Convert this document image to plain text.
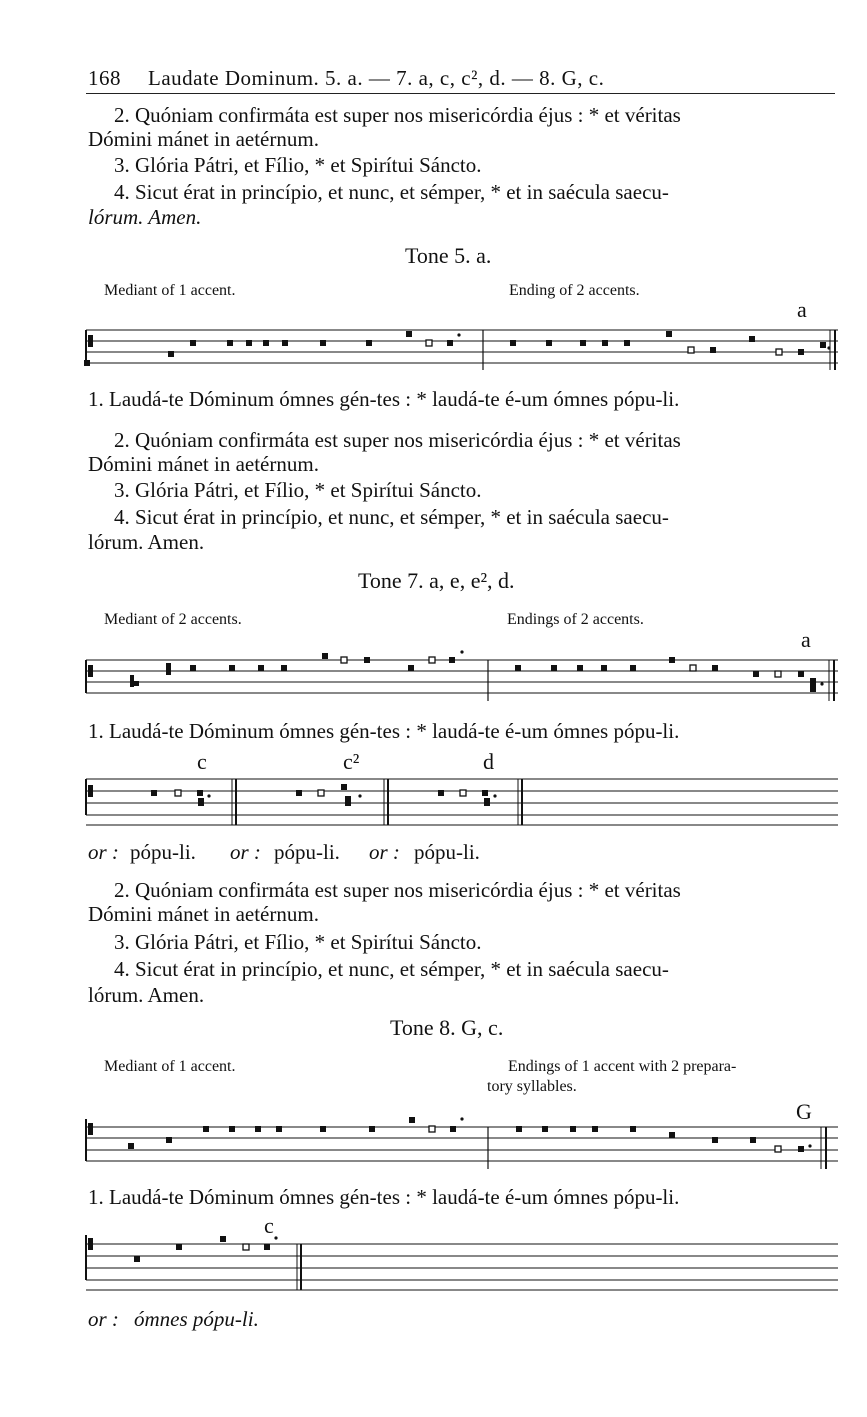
168 Laudate Dominum. 5. a. — 7. a, c, c², d. — 8. G, c.
2. Quóniam confirmáta est super nos misericórdia éjus : * et véritas
Dómini mánet in aetérnum.
3. Glória Pátri, et Fílio, * et Spirítui Sáncto.
4. Sicut érat in princípio, et nunc, et sémper, * et in saécula saecu-
lórum. Amen.
Tone 5. a.
Mediant of 1 accent.	Ending of 2 accents.
a
1. Laudá-te Dóminum ómnes gén-tes : * laudá-te é-um ómnes pópu-li.
2. Quóniam confirmáta est super nos misericórdia éjus : * et véritas
Dómini mánet in aetérnum.
3. Glória Pátri, et Fílio, * et Spirítui Sáncto.
4. Sicut érat in princípio, et nunc, et sémper, * et in saécula saecu-
lórum. Amen.
Tone 7. a, e, e², d.
Mediant of 2 accents.	Endings of 2 accents.
a
1. Laudá-te Dóminum ómnes gén-tes : * laudá-te é-um ómnes pópu-li.
c	c²	d
or : pópu-li. or : pópu-li. or : pópu-li.
2. Quóniam confirmáta est super nos misericórdia éjus : * et véritas
Dómini mánet in aetérnum.
3. Glória Pátri, et Fílio, * et Spirítui Sáncto.
4. Sicut érat in princípio, et nunc, et sémper, * et in saécula saecu-
lórum. Amen.
Tone 8. G, c.
Mediant of 1 accent.	Endings of 1 accent with 2 prepara-
tory syllables.
G
1. Laudá-te Dóminum ómnes gén-tes : * laudá-te é-um ómnes pópu-li.
c
or : ómnes pópu-li.
